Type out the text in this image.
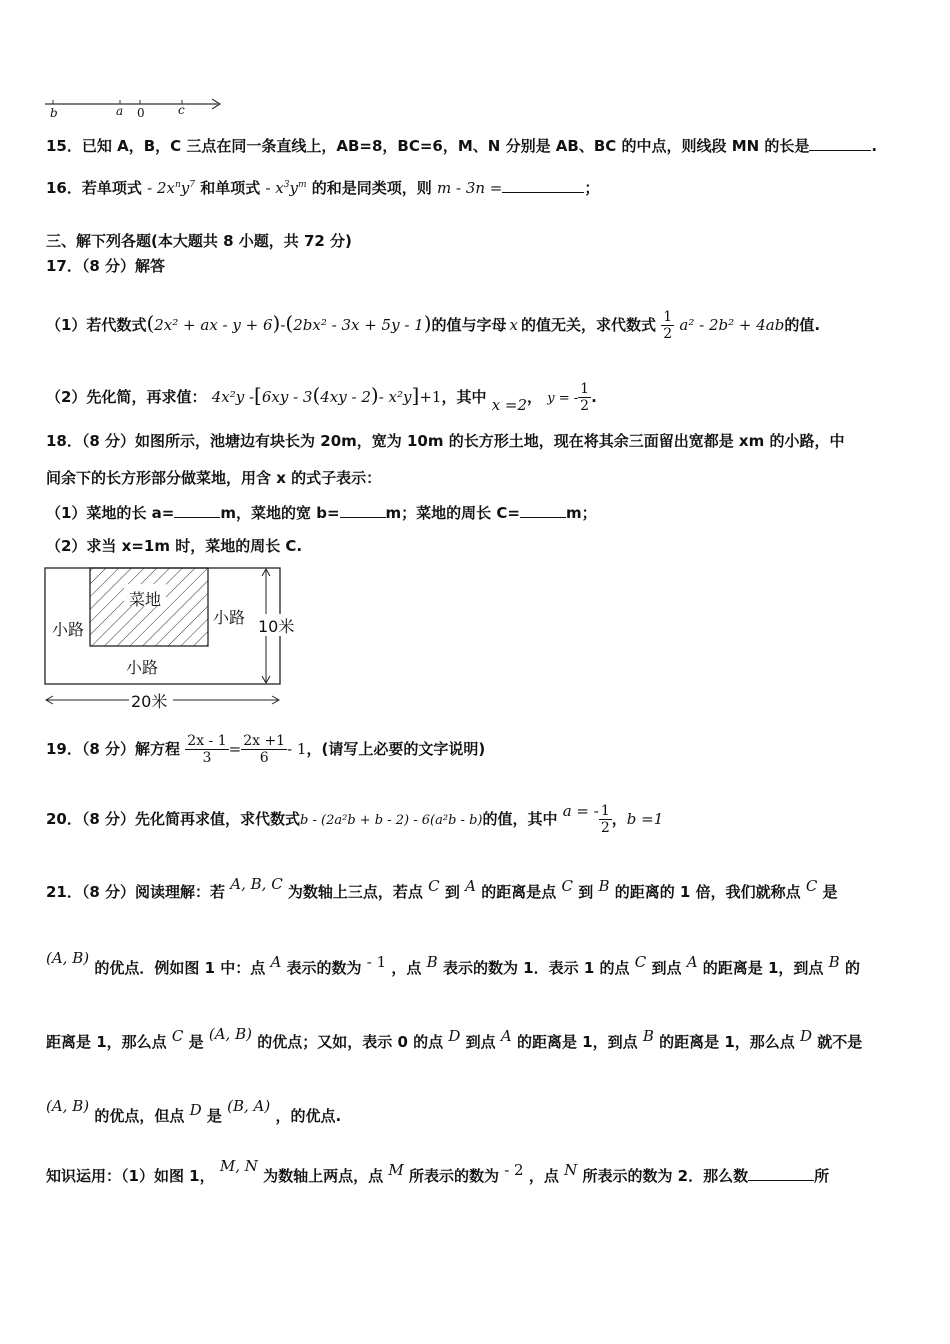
b	a 0	c
15．已知 A，B，C 三点在同一条直线上，AB=8，BC=6，M、N 分别是 AB、BC 的中点，则线段 MN 的长是	.
16．若单项式 - $2x^ny^7$ 和单项式 - $x^3y^m$ 的和是同类项，则 m - 3n =	；
三、解下列各题(本大题共 8 小题，共 72 分)
17．（8 分）解答
（1）若代数式(2x² + ax - y + 6)-(2bx² - 3x + 5y - 1)的值与字母 x 的值无关，求代数式 $\frac{1}{2} a^2 - 2b^2 + 4ab$的值.
（2）先化简，再求值： 4x²y -[6xy - 3(4xy - 2)- x²y]+1，其中 x =2， y = - $\frac{1}{2}$ .
18．（8 分）如图所示，池塘边有块长为 20m，宽为 10m 的长方形土地，现在将其余三面留出宽都是 xm 的小路，中
间余下的长方形部分做菜地，用含 x 的式子表示：
（1）菜地的长 a=	m，菜地的宽 b=	m；菜地的周长 C=	m；
（2）求当 x=1m 时，菜地的周长 C.
菜地
小路
小路
小路
20米
10米
19．（8 分）解方程 $\frac{2x - 1}{3} = \frac{2x +1}{6} - 1$，(请写上必要的文字说明)
20．（8 分）先化简再求值，求代数式b - (2a²b + b - 2) - 6(a²b - b)的值，其中 a = - $\frac{1}{2}$ ，b =1
21．（8 分）阅读理解：若 A, B, C 为数轴上三点，若点 C 到 A 的距离是点 C 到 B 的距离的 1 倍，我们就称点 C 是
(A, B) 的优点．例如图 1 中：点 A 表示的数为 - 1 ，点 B 表示的数为 1．表示 1 的点 C 到点 A 的距离是 1，到点 B 的
距离是 1，那么点 C 是 (A, B) 的优点；又如，表示 0 的点 D 到点 A 的距离是 1，到点 B 的距离是 1，那么点 D 就不是
(A, B) 的优点，但点 D 是 (B, A) ，的优点.
知识运用：（1）如图 1， M, N 为数轴上两点，点 M 所表示的数为 - 2 ，点 N 所表示的数为 2．那么数	所
